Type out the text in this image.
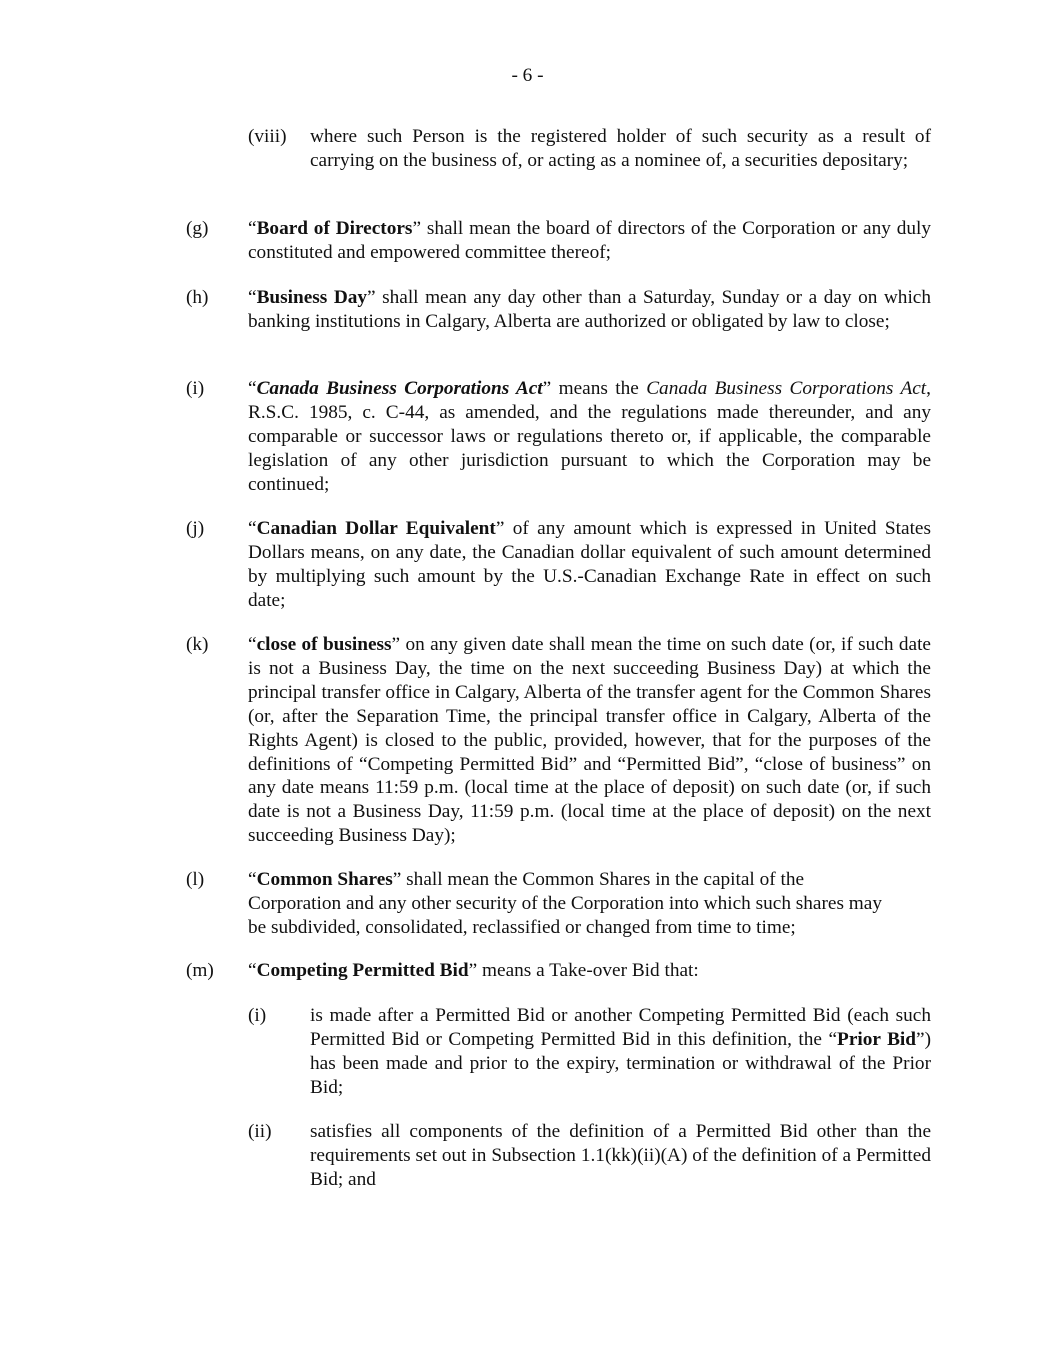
- 6 -
(viii) where such Person is the registered holder of such security as a result of carrying on the business of, or acting as a nominee of, a securities depositary;
(g) “Board of Directors” shall mean the board of directors of the Corporation or any duly constituted and empowered committee thereof;
(h) “Business Day” shall mean any day other than a Saturday, Sunday or a day on which banking institutions in Calgary, Alberta are authorized or obligated by law to close;
(i) “Canada Business Corporations Act” means the Canada Business Corporations Act, R.S.C. 1985, c. C-44, as amended, and the regulations made thereunder, and any comparable or successor laws or regulations thereto or, if applicable, the comparable legislation of any other jurisdiction pursuant to which the Corporation may be continued;
(j) “Canadian Dollar Equivalent” of any amount which is expressed in United States Dollars means, on any date, the Canadian dollar equivalent of such amount determined by multiplying such amount by the U.S.-Canadian Exchange Rate in effect on such date;
(k) “close of business” on any given date shall mean the time on such date (or, if such date is not a Business Day, the time on the next succeeding Business Day) at which the principal transfer office in Calgary, Alberta of the transfer agent for the Common Shares (or, after the Separation Time, the principal transfer office in Calgary, Alberta of the Rights Agent) is closed to the public, provided, however, that for the purposes of the definitions of “Competing Permitted Bid” and “Permitted Bid”, “close of business” on any date means 11:59 p.m. (local time at the place of deposit) on such date (or, if such date is not a Business Day, 11:59 p.m. (local time at the place of deposit) on the next succeeding Business Day);
(l) “Common Shares” shall mean the Common Shares in the capital of the
Corporation and any other security of the Corporation into which such shares may
be subdivided, consolidated, reclassified or changed from time to time;
(m) “Competing Permitted Bid” means a Take-over Bid that:
(i) is made after a Permitted Bid or another Competing Permitted Bid (each such Permitted Bid or Competing Permitted Bid in this definition, the “Prior Bid”) has been made and prior to the expiry, termination or withdrawal of the Prior Bid;
(ii) satisfies all components of the definition of a Permitted Bid other than the requirements set out in Subsection 1.1(kk)(ii)(A) of the definition of a Permitted Bid; and
